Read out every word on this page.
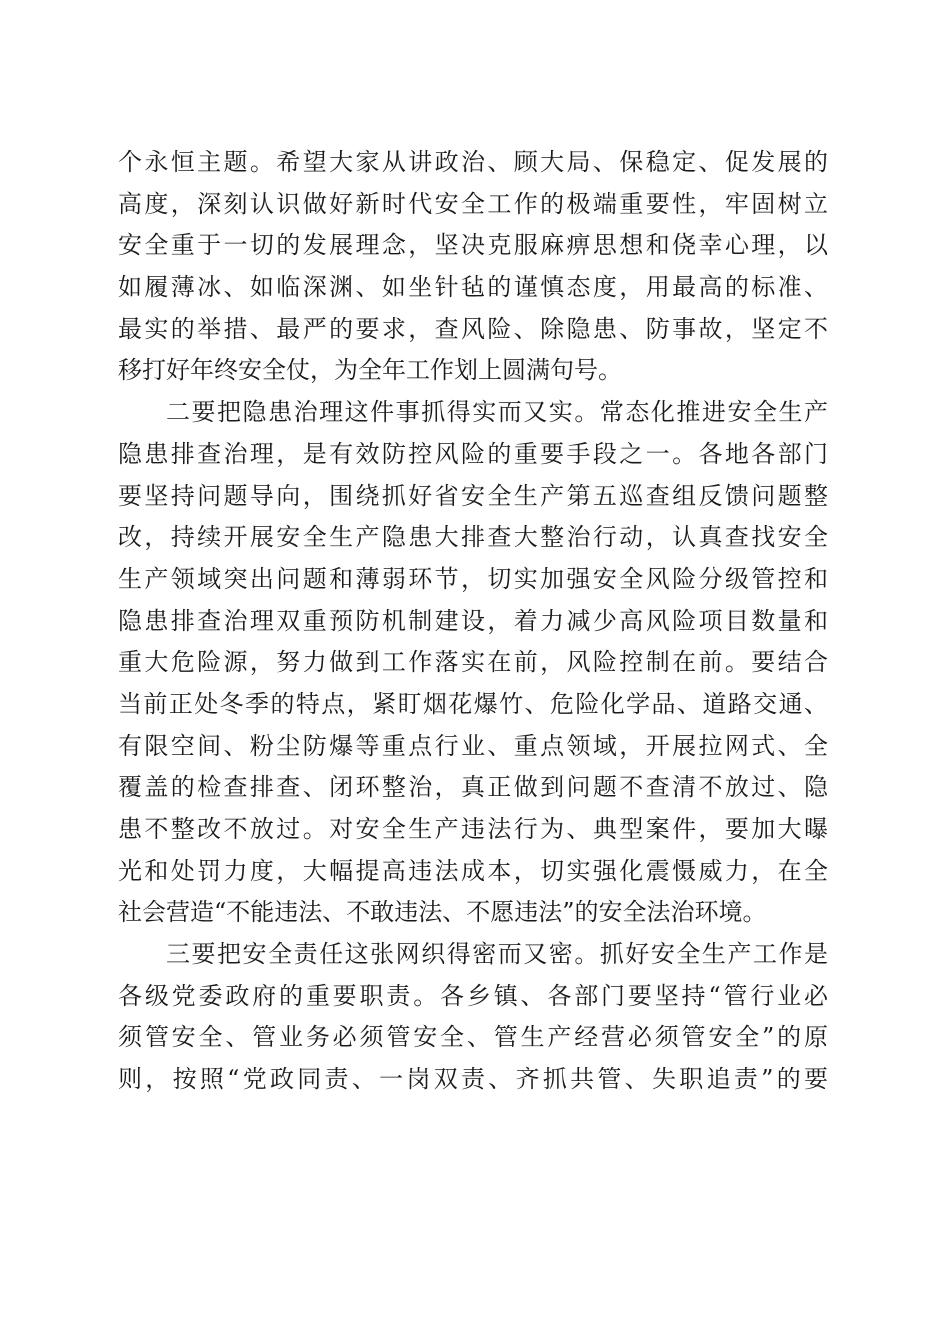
个永恒主题。希望大家从讲政治、顾大局、保稳定、促发展的
高度，深刻认识做好新时代安全工作的极端重要性，牢固树立
安全重于一切的发展理念，坚决克服麻痹思想和侥幸心理，以
如履薄冰、如临深渊、如坐针毡的谨慎态度，用最高的标准、
最实的举措、最严的要求，查风险、除隐患、防事故，坚定不
移打好年终安全仗，为全年工作划上圆满句号。
二要把隐患治理这件事抓得实而又实。常态化推进安全生产
隐患排查治理，是有效防控风险的重要手段之一。各地各部门
要坚持问题导向，围绕抓好省安全生产第五巡查组反馈问题整
改，持续开展安全生产隐患大排查大整治行动，认真查找安全
生产领域突出问题和薄弱环节，切实加强安全风险分级管控和
隐患排查治理双重预防机制建设，着力减少高风险项目数量和
重大危险源，努力做到工作落实在前，风险控制在前。要结合
当前正处冬季的特点，紧盯烟花爆竹、危险化学品、道路交通、
有限空间、粉尘防爆等重点行业、重点领域，开展拉网式、全
覆盖的检查排查、闭环整治，真正做到问题不查清不放过、隐
患不整改不放过。对安全生产违法行为、典型案件，要加大曝
光和处罚力度，大幅提高违法成本，切实强化震慑威力，在全
社会营造“不能违法、不敢违法、不愿违法”的安全法治环境。
三要把安全责任这张网织得密而又密。抓好安全生产工作是
各级党委政府的重要职责。各乡镇、各部门要坚持“管行业必
须管安全、管业务必须管安全、管生产经营必须管安全”的原
则，按照“党政同责、一岗双责、齐抓共管、失职追责”的要
